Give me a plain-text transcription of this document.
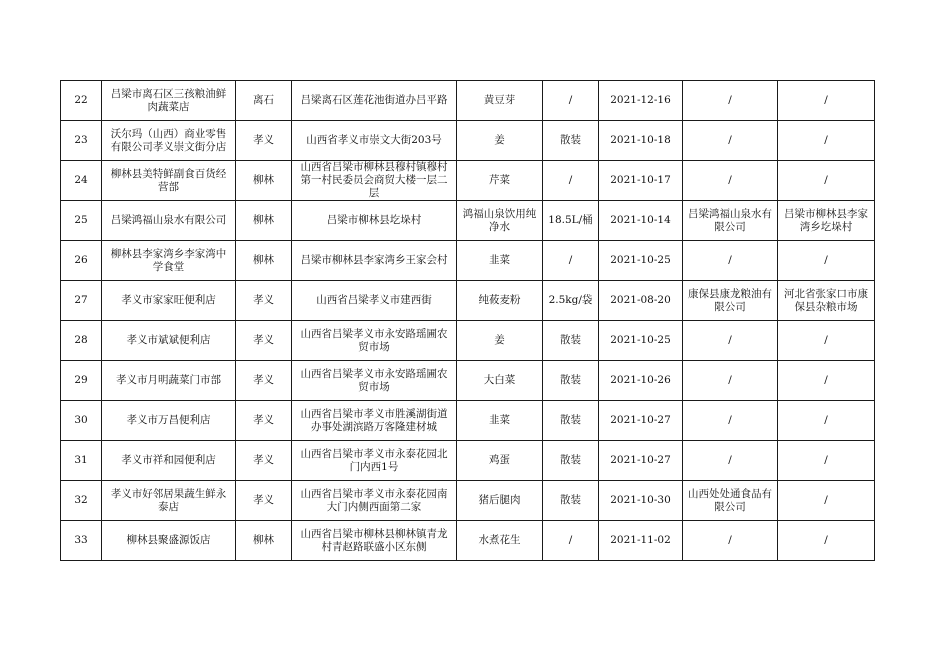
22	吕梁市离石区三孩粮油鲜肉蔬菜店	离石	吕梁离石区莲花池街道办吕平路	黄豆芽	/	2021-12-16	/	/
23	沃尔玛（山西）商业零售有限公司孝义崇文街分店	孝义	山西省孝义市崇文大街203号	姜	散装	2021-10-18	/	/
24	柳林县美特鲜副食百货经营部	柳林	山西省吕梁市柳林县穆村镇穆村第一村民委员会商贸大楼一层二层	芹菜	/	2021-10-17	/	/
25	吕梁鸿福山泉水有限公司	柳林	吕梁市柳林县圪垛村	鸿福山泉饮用纯净水	18.5L/桶	2021-10-14	吕梁鸿福山泉水有限公司	吕梁市柳林县李家湾乡圪垛村
26	柳林县李家湾乡李家湾中学食堂	柳林	吕梁市柳林县李家湾乡王家会村	韭菜	/	2021-10-25	/	/
27	孝义市家家旺便利店	孝义	山西省吕梁孝义市建西街	纯莜麦粉	2.5kg/袋	2021-08-20	康保县康龙粮油有限公司	河北省张家口市康保县杂粮市场
28	孝义市斌斌便利店	孝义	山西省吕梁孝义市永安路瑶圃农贸市场	姜	散装	2021-10-25	/	/
29	孝义市月明蔬菜门市部	孝义	山西省吕梁孝义市永安路瑶圃农贸市场	大白菜	散装	2021-10-26	/	/
30	孝义市万昌便利店	孝义	山西省吕梁市孝义市胜溪湖街道办事处湖滨路万客隆建材城	韭菜	散装	2021-10-27	/	/
31	孝义市祥和园便利店	孝义	山西省吕梁市孝义市永泰花园北门内西1号	鸡蛋	散装	2021-10-27	/	/
32	孝义市好邻居果蔬生鲜永泰店	孝义	山西省吕梁市孝义市永泰花园南大门内侧西面第二家	猪后腿肉	散装	2021-10-30	山西处处通食品有限公司	/
33	柳林县聚盛源饭店	柳林	山西省吕梁市柳林县柳林镇青龙村青赵路联盛小区东侧	水煮花生	/	2021-11-02	/	/
